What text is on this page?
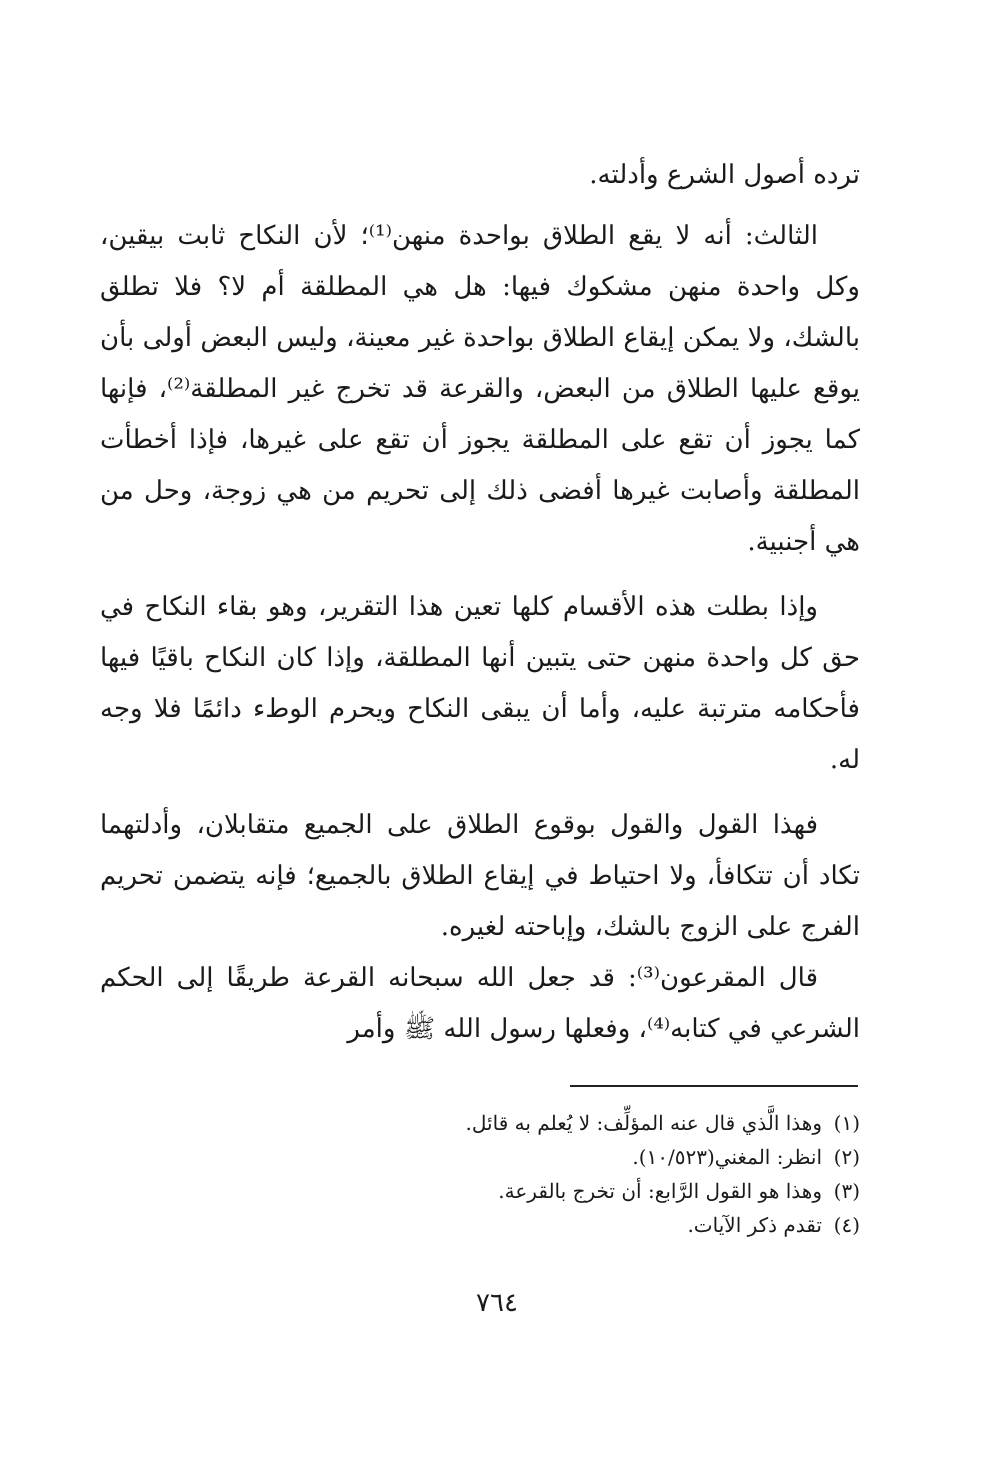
ترده أصول الشرع وأدلته.

الثالث: أنه لا يقع الطلاق بواحدة منهن⁽¹⁾؛ لأن النكاح ثابت بيقين، وكل واحدة منهن مشكوك فيها: هل هي المطلقة أم لا؟ فلا تطلق بالشك، ولا يمكن إيقاع الطلاق بواحدة غير معينة، وليس البعض أولى بأن يوقع عليها الطلاق من البعض، والقرعة قد تخرج غير المطلقة⁽²⁾، فإنها كما يجوز أن تقع على المطلقة يجوز أن تقع على غيرها، فإذا أخطأت المطلقة وأصابت غيرها أفضى ذلك إلى تحريم من هي زوجة، وحل من هي أجنبية.

وإذا بطلت هذه الأقسام كلها تعين هذا التقرير، وهو بقاء النكاح في حق كل واحدة منهن حتى يتبين أنها المطلقة، وإذا كان النكاح باقيًا فيها فأحكامه مترتبة عليه، وأما أن يبقى النكاح ويحرم الوطء دائمًا فلا وجه له.

فهذا القول والقول بوقوع الطلاق على الجميع متقابلان، وأدلتهما تكاد أن تتكافأ، ولا احتياط في إيقاع الطلاق بالجميع؛ فإنه يتضمن تحريم الفرج على الزوج بالشك، وإباحته لغيره.

قال المقرعون⁽³⁾: قد جعل الله سبحانه القرعة طريقًا إلى الحكم الشرعي في كتابه⁽⁴⁾، وفعلها رسول الله ﷺ وأمر

(١)وهذا الَّذي قال عنه المؤلِّف: لا يُعلم به قائل.

(٢)انظر: المغني(١٠/٥٢٣).

(٣)وهذا هو القول الرَّابع: أن تخرج بالقرعة.

(٤)تقدم ذكر الآيات.

٧٦٤
